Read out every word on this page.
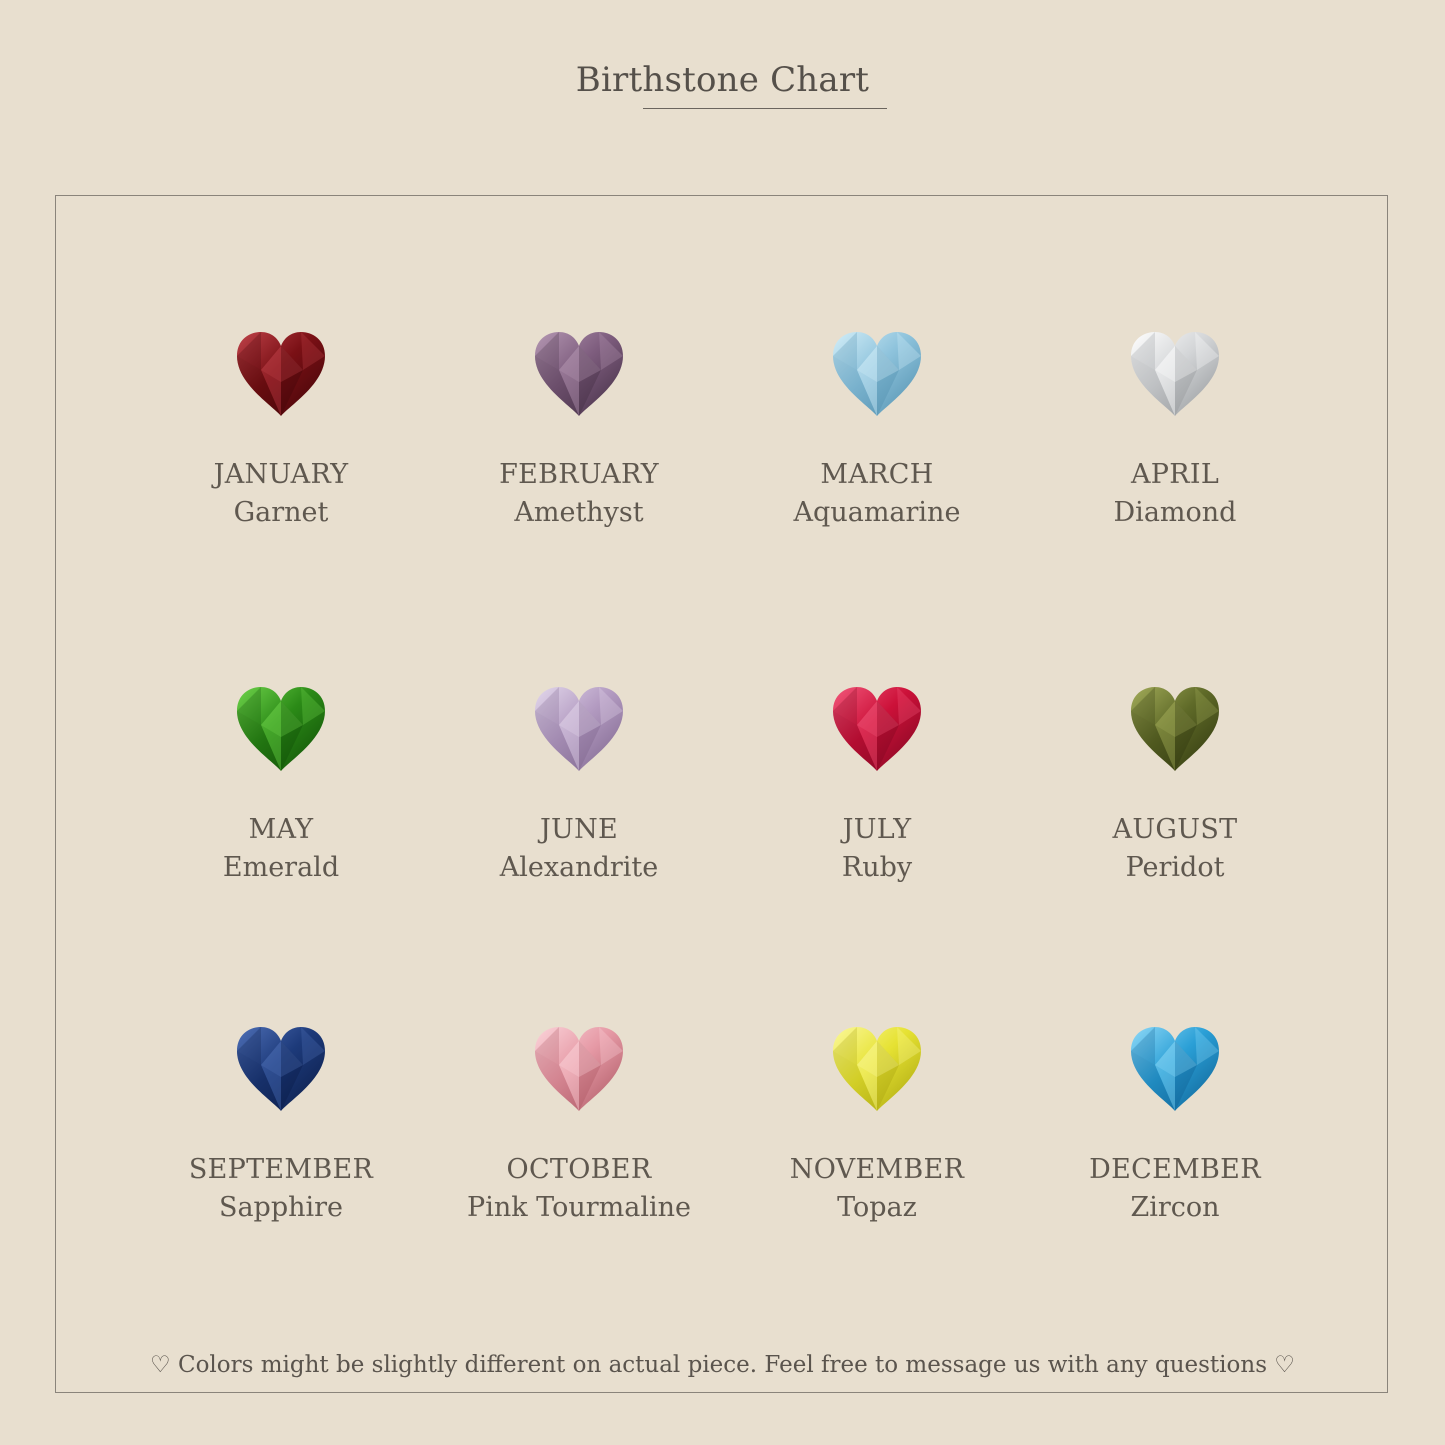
Birthstone Chart
JANUARY
Garnet
FEBRUARY
Amethyst
MARCH
Aquamarine
APRIL
Diamond
MAY
Emerald
JUNE
Alexandrite
JULY
Ruby
AUGUST
Peridot
SEPTEMBER
Sapphire
OCTOBER
Pink Tourmaline
NOVEMBER
Topaz
DECEMBER
Zircon
♡ Colors might be slightly different on actual piece. Feel free to message us with any questions ♡
